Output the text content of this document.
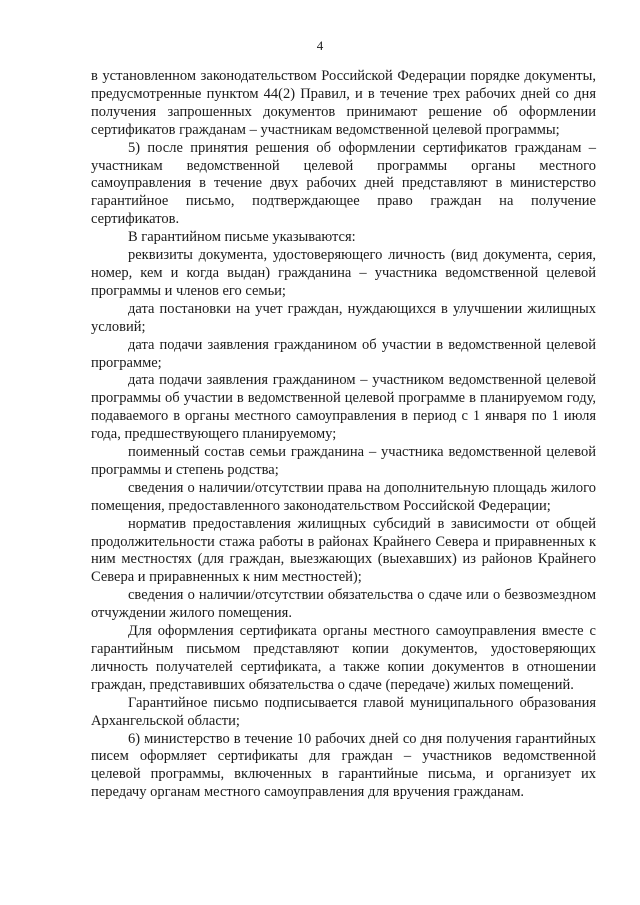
4

в установленном законодательством Российской Федерации порядке документы, предусмотренные пунктом 44(2) Правил, и в течение трех рабочих дней со дня получения запрошенных документов принимают решение об оформлении сертификатов гражданам – участникам ведомственной целевой программы;

5) после принятия решения об оформлении сертификатов гражданам – участникам ведомственной целевой программы органы местного самоуправления в течение двух рабочих дней представляют в министерство гарантийное письмо, подтверждающее право граждан на получение сертификатов.

В гарантийном письме указываются:

реквизиты документа, удостоверяющего личность (вид документа, серия, номер, кем и когда выдан) гражданина – участника ведомственной целевой программы и членов его семьи;

дата постановки на учет граждан, нуждающихся в улучшении жилищных условий;

дата подачи заявления гражданином об участии в ведомственной целевой программе;

дата подачи заявления гражданином – участником ведомственной целевой программы об участии в ведомственной целевой программе в планируемом году, подаваемого в органы местного самоуправления в период с 1 января по 1 июля года, предшествующего планируемому;

поименный состав семьи гражданина – участника ведомственной целевой программы и степень родства;

сведения о наличии/отсутствии права на дополнительную площадь жилого помещения, предоставленного законодательством Российской Федерации;

норматив предоставления жилищных субсидий в зависимости от общей продолжительности стажа работы в районах Крайнего Севера и приравненных к ним местностях (для граждан, выезжающих (выехавших) из районов Крайнего Севера и приравненных к ним местностей);

сведения о наличии/отсутствии обязательства о сдаче или о безвозмездном отчуждении жилого помещения.

Для оформления сертификата органы местного самоуправления вместе с гарантийным письмом представляют копии документов, удостоверяющих личность получателей сертификата, а также копии документов в отношении граждан, представивших обязательства о сдаче (передаче) жилых помещений.

Гарантийное письмо подписывается главой муниципального образования Архангельской области;

6) министерство в течение 10 рабочих дней со дня получения гарантийных писем оформляет сертификаты для граждан – участников ведомственной целевой программы, включенных в гарантийные письма, и организует их передачу органам местного самоуправления для вручения гражданам.
